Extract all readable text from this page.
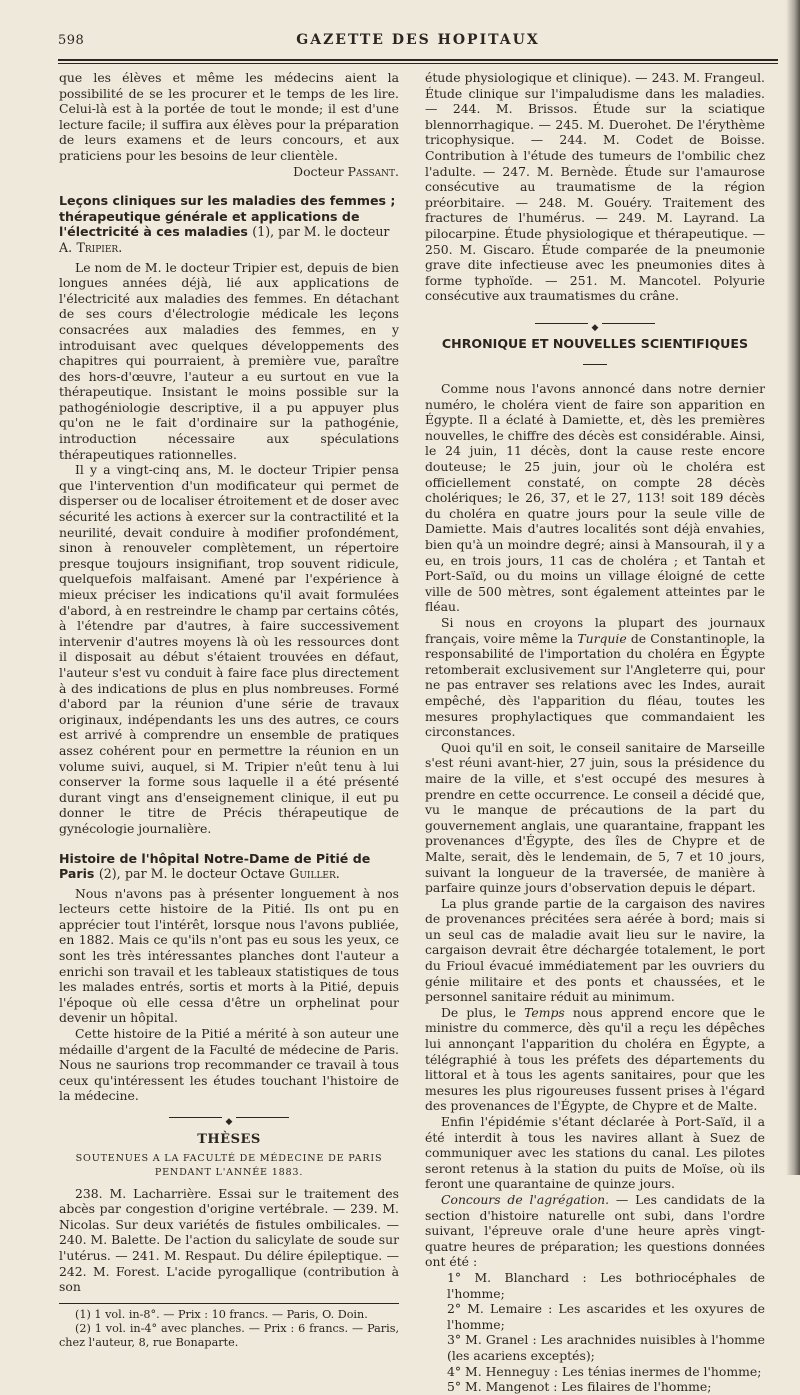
598	GAZETTE DES HOPITAUX

que les élèves et même les médecins aient la possibilité de se les procurer et le temps de les lire. Celui-là est à la portée de tout le monde; il est d'une lecture facile; il suffira aux élèves pour la préparation de leurs examens et de leurs concours, et aux praticiens pour les besoins de leur clientèle.

Docteur Passant.

Leçons cliniques sur les maladies des femmes ; thérapeutique générale et applications de l'électricité à ces maladies (1), par M. le docteur A. Tripier.

Le nom de M. le docteur Tripier est, depuis de bien longues années déjà, lié aux applications de l'électricité aux maladies des femmes. En détachant de ses cours d'électrologie médicale les leçons consacrées aux maladies des femmes, en y introduisant avec quelques développements des chapitres qui pourraient, à première vue, paraître des hors-d'œuvre, l'auteur a eu surtout en vue la thérapeutique. Insistant le moins possible sur la pathogéniologie descriptive, il a pu appuyer plus qu'on ne le fait d'ordinaire sur la pathogénie, introduction nécessaire aux spéculations thérapeutiques rationnelles.

Il y a vingt-cinq ans, M. le docteur Tripier pensa que l'intervention d'un modificateur qui permet de disperser ou de localiser étroitement et de doser avec sécurité les actions à exercer sur la contractilité et la neurilité, devait conduire à modifier profondément, sinon à renouveler complètement, un répertoire presque toujours insignifiant, trop souvent ridicule, quelquefois malfaisant. Amené par l'expérience à mieux préciser les indications qu'il avait formulées d'abord, à en restreindre le champ par certains côtés, à l'étendre par d'autres, à faire successivement intervenir d'autres moyens là où les ressources dont il disposait au début s'étaient trouvées en défaut, l'auteur s'est vu conduit à faire face plus directement à des indications de plus en plus nombreuses. Formé d'abord par la réunion d'une série de travaux originaux, indépendants les uns des autres, ce cours est arrivé à comprendre un ensemble de pratiques assez cohérent pour en permettre la réunion en un volume suivi, auquel, si M. Tripier n'eût tenu à lui conserver la forme sous laquelle il a été présenté durant vingt ans d'enseignement clinique, il eut pu donner le titre de Précis thérapeutique de gynécologie journalière.

Histoire de l'hôpital Notre-Dame de Pitié de Paris (2), par M. le docteur Octave Guiller.

Nous n'avons pas à présenter longuement à nos lecteurs cette histoire de la Pitié. Ils ont pu en apprécier tout l'intérêt, lorsque nous l'avons publiée, en 1882. Mais ce qu'ils n'ont pas eu sous les yeux, ce sont les très intéressantes planches dont l'auteur a enrichi son travail et les tableaux statistiques de tous les malades entrés, sortis et morts à la Pitié, depuis l'époque où elle cessa d'être un orphelinat pour devenir un hôpital.

Cette histoire de la Pitié a mérité à son auteur une médaille d'argent de la Faculté de médecine de Paris. Nous ne saurions trop recommander ce travail à tous ceux qu'intéressent les études touchant l'histoire de la médecine.

◆
THÈSES
SOUTENUES A LA FACULTÉ DE MÉDECINE DE PARIS
PENDANT L'ANNÉE 1883.

238. M. Lacharrière. Essai sur le traitement des abcès par congestion d'origine vertébrale. — 239. M. Nicolas. Sur deux variétés de fistules ombilicales. — 240. M. Balette. De l'action du salicylate de soude sur l'utérus. — 241. M. Respaut. Du délire épileptique. — 242. M. Forest. L'acide pyrogallique (contribution à son

(1) 1 vol. in-8°. — Prix : 10 francs. — Paris, O. Doin.

(2) 1 vol. in-4° avec planches. — Prix : 6 francs. — Paris, chez l'auteur, 8, rue Bonaparte.

étude physiologique et clinique). — 243. M. Frangeul. Étude clinique sur l'impaludisme dans les maladies. — 244. M. Brissos. Étude sur la sciatique blennorrhagique. — 245. M. Duerohet. De l'érythème tricophysique. — 244. M. Codet de Boisse. Contribution à l'étude des tumeurs de l'ombilic chez l'adulte. — 247. M. Bernède. Étude sur l'amaurose consécutive au traumatisme de la région préorbitaire. — 248. M. Gouéry. Traitement des fractures de l'humérus. — 249. M. Layrand. La pilocarpine. Étude physiologique et thérapeutique. — 250. M. Giscaro. Étude comparée de la pneumonie grave dite infectieuse avec les pneumonies dites à forme typhoïde. — 251. M. Mancotel. Polyurie consécutive aux traumatismes du crâne.

◆
CHRONIQUE ET NOUVELLES SCIENTIFIQUES

Comme nous l'avons annoncé dans notre dernier numéro, le choléra vient de faire son apparition en Égypte. Il a éclaté à Damiette, et, dès les premières nouvelles, le chiffre des décès est considérable. Ainsi, le 24 juin, 11 décès, dont la cause reste encore douteuse; le 25 juin, jour où le choléra est officiellement constaté, on compte 28 décès cholériques; le 26, 37, et le 27, 113! soit 189 décès du choléra en quatre jours pour la seule ville de Damiette. Mais d'autres localités sont déjà envahies, bien qu'à un moindre degré; ainsi à Mansourah, il y a eu, en trois jours, 11 cas de choléra ; et Tantah et Port-Saïd, ou du moins un village éloigné de cette ville de 500 mètres, sont également atteintes par le fléau.

Si nous en croyons la plupart des journaux français, voire même la Turquie de Constantinople, la responsabilité de l'importation du choléra en Égypte retomberait exclusivement sur l'Angleterre qui, pour ne pas entraver ses relations avec les Indes, aurait empêché, dès l'apparition du fléau, toutes les mesures prophylactiques que commandaient les circonstances.

Quoi qu'il en soit, le conseil sanitaire de Marseille s'est réuni avant-hier, 27 juin, sous la présidence du maire de la ville, et s'est occupé des mesures à prendre en cette occurrence. Le conseil a décidé que, vu le manque de précautions de la part du gouvernement anglais, une quarantaine, frappant les provenances d'Égypte, des îles de Chypre et de Malte, serait, dès le lendemain, de 5, 7 et 10 jours, suivant la longueur de la traversée, de manière à parfaire quinze jours d'observation depuis le départ.

La plus grande partie de la cargaison des navires de provenances précitées sera aérée à bord; mais si un seul cas de maladie avait lieu sur le navire, la cargaison devrait être déchargée totalement, le port du Frioul évacué immédiatement par les ouvriers du génie militaire et des ponts et chaussées, et le personnel sanitaire réduit au minimum.

De plus, le Temps nous apprend encore que le ministre du commerce, dès qu'il a reçu les dépêches lui annonçant l'apparition du choléra en Égypte, a télégraphié à tous les préfets des départements du littoral et à tous les agents sanitaires, pour que les mesures les plus rigoureuses fussent prises à l'égard des provenances de l'Égypte, de Chypre et de Malte.

Enfin l'épidémie s'étant déclarée à Port-Saïd, il a été interdit à tous les navires allant à Suez de communiquer avec les stations du canal. Les pilotes seront retenus à la station du puits de Moïse, où ils feront une quarantaine de quinze jours.

Concours de l'agrégation. — Les candidats de la section d'histoire naturelle ont subi, dans l'ordre suivant, l'épreuve orale d'une heure après vingt-quatre heures de préparation; les questions données ont été :

1° M. Blanchard : Les bothriocéphales de l'homme;

2° M. Lemaire : Les ascarides et les oxyures de l'homme;

3° M. Granel : Les arachnides nuisibles à l'homme (les acariens exceptés);

4° M. Henneguy : Les ténias inermes de l'homme;

5° M. Mangenot : Les filaires de l'homme;
